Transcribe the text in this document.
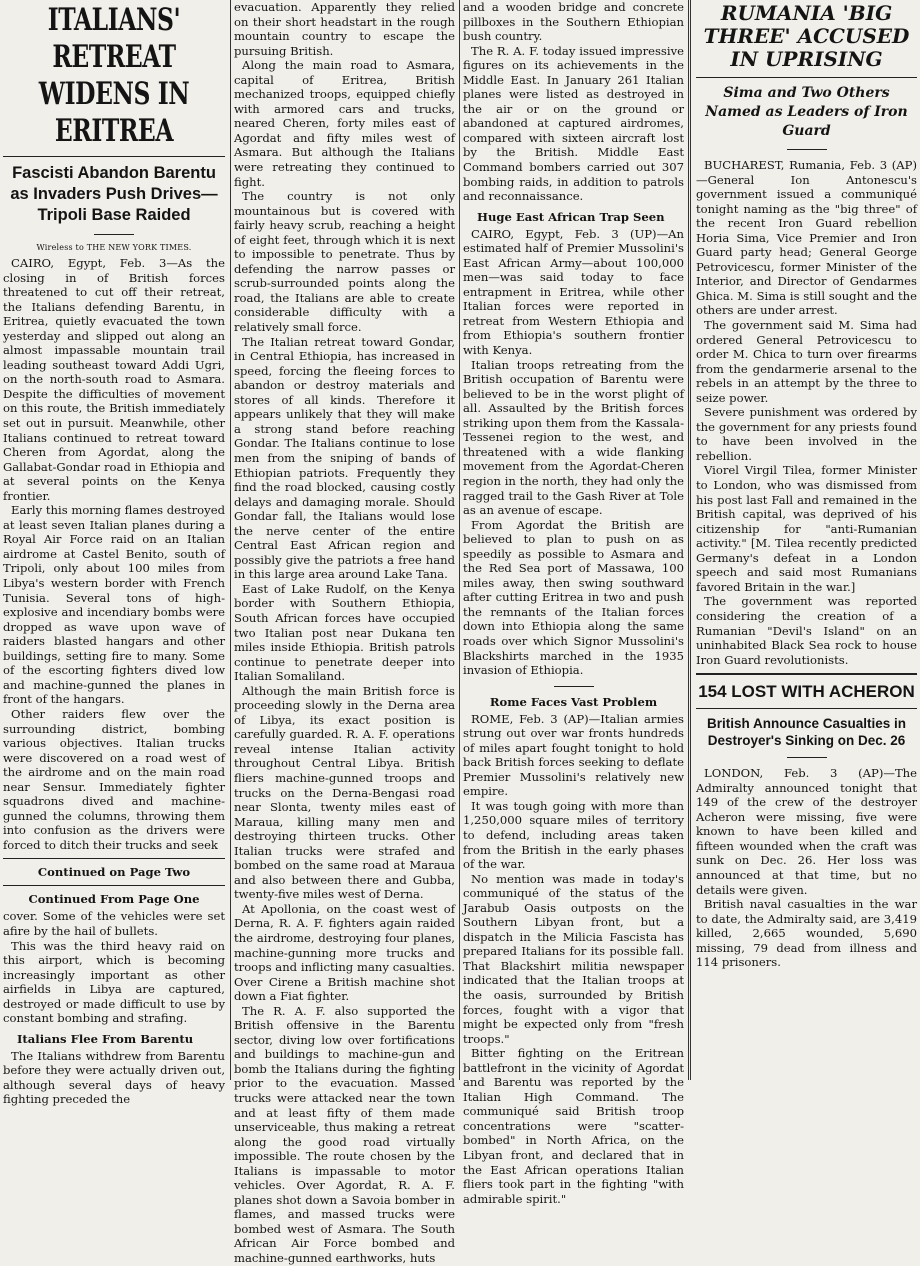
ITALIANS' RETREAT WIDENS IN ERITREA
Fascisti Abandon Barentu as Invaders Push Drives— Tripoli Base Raided
Wireless to THE NEW YORK TIMES.

CAIRO, Egypt, Feb. 3—As the closing in of British forces threatened to cut off their retreat, the Italians defending Barentu, in Eritrea, quietly evacuated the town yesterday and slipped out along an almost impassable mountain trail leading southeast toward Addi Ugri, on the north-south road to Asmara. Despite the difficulties of movement on this route, the British immediately set out in pursuit. Meanwhile, other Italians continued to retreat toward Cheren from Agordat, along the Gallabat-Gondar road in Ethiopia and at several points on the Kenya frontier.

Early this morning flames destroyed at least seven Italian planes during a Royal Air Force raid on an Italian airdrome at Castel Benito, south of Tripoli, only about 100 miles from Libya's western border with French Tunisia. Several tons of high-explosive and incendiary bombs were dropped as wave upon wave of raiders blasted hangars and other buildings, setting fire to many. Some of the escorting fighters dived low and machine-gunned the planes in front of the hangars.

Other raiders flew over the surrounding district, bombing various objectives. Italian trucks were discovered on a road west of the airdrome and on the main road near Sensur. Immediately fighter squadrons dived and machine-gunned the columns, throwing them into confusion as the drivers were forced to ditch their trucks and seek

Continued on Page Two
Continued From Page One

cover. Some of the vehicles were set afire by the hail of bullets.

This was the third heavy raid on this airport, which is becoming increasingly important as other airfields in Libya are captured, destroyed or made difficult to use by constant bombing and strafing.

Italians Flee From Barentu

The Italians withdrew from Barentu before they were actually driven out, although several days of heavy fighting preceded the

evacuation. Apparently they relied on their short headstart in the rough mountain country to escape the pursuing British.

Along the main road to Asmara, capital of Eritrea, British mechanized troops, equipped chiefly with armored cars and trucks, neared Cheren, forty miles east of Agordat and fifty miles west of Asmara. But although the Italians were retreating they continued to fight.

The country is not only mountainous but is covered with fairly heavy scrub, reaching a height of eight feet, through which it is next to impossible to penetrate. Thus by defending the narrow passes or scrub-surrounded points along the road, the Italians are able to create considerable difficulty with a relatively small force.

The Italian retreat toward Gondar, in Central Ethiopia, has increased in speed, forcing the fleeing forces to abandon or destroy materials and stores of all kinds. Therefore it appears unlikely that they will make a strong stand before reaching Gondar. The Italians continue to lose men from the sniping of bands of Ethiopian patriots. Frequently they find the road blocked, causing costly delays and damaging morale. Should Gondar fall, the Italians would lose the nerve center of the entire Central East African region and possibly give the patriots a free hand in this large area around Lake Tana.

East of Lake Rudolf, on the Kenya border with Southern Ethiopia, South African forces have occupied two Italian post near Dukana ten miles inside Ethiopia. British patrols continue to penetrate deeper into Italian Somaliland.

Although the main British force is proceeding slowly in the Derna area of Libya, its exact position is carefully guarded. R. A. F. operations reveal intense Italian activity throughout Central Libya. British fliers machine-gunned troops and trucks on the Derna-Bengasi road near Slonta, twenty miles east of Maraua, killing many men and destroying thirteen trucks. Other Italian trucks were strafed and bombed on the same road at Maraua and also between there and Gubba, twenty-five miles west of Derna.

At Apollonia, on the coast west of Derna, R. A. F. fighters again raided the airdrome, destroying four planes, machine-gunning more trucks and troops and inflicting many casualties. Over Cirene a British machine shot down a Fiat fighter.

The R. A. F. also supported the British offensive in the Barentu sector, diving low over fortifications and buildings to machine-gun and bomb the Italians during the fighting prior to the evacuation. Massed trucks were attacked near the town and at least fifty of them made unserviceable, thus making a retreat along the good road virtually impossible. The route chosen by the Italians is impassable to motor vehicles. Over Agordat, R. A. F. planes shot down a Savoia bomber in flames, and massed trucks were bombed west of Asmara. The South African Air Force bombed and machine-gunned earthworks, huts

and a wooden bridge and concrete pillboxes in the Southern Ethiopian bush country.

The R. A. F. today issued impressive figures on its achievements in the Middle East. In January 261 Italian planes were listed as destroyed in the air or on the ground or abandoned at captured airdromes, compared with sixteen aircraft lost by the British. Middle East Command bombers carried out 307 bombing raids, in addition to patrols and reconnaissance.

Huge East African Trap Seen

CAIRO, Egypt, Feb. 3 (UP)—An estimated half of Premier Mussolini's East African Army—about 100,000 men—was said today to face entrapment in Eritrea, while other Italian forces were reported in retreat from Western Ethiopia and from Ethiopia's southern frontier with Kenya.

Italian troops retreating from the British occupation of Barentu were believed to be in the worst plight of all. Assaulted by the British forces striking upon them from the Kassala-Tessenei region to the west, and threatened with a wide flanking movement from the Agordat-Cheren region in the north, they had only the ragged trail to the Gash River at Tole as an avenue of escape.

From Agordat the British are believed to plan to push on as speedily as possible to Asmara and the Red Sea port of Massawa, 100 miles away, then swing southward after cutting Eritrea in two and push the remnants of the Italian forces down into Ethiopia along the same roads over which Signor Mussolini's Blackshirts marched in the 1935 invasion of Ethiopia.

Rome Faces Vast Problem

ROME, Feb. 3 (AP)—Italian armies strung out over war fronts hundreds of miles apart fought tonight to hold back British forces seeking to deflate Premier Mussolini's relatively new empire.

It was tough going with more than 1,250,000 square miles of territory to defend, including areas taken from the British in the early phases of the war.

No mention was made in today's communiqué of the status of the Jarabub Oasis outposts on the Southern Libyan front, but a dispatch in the Milicia Fascista has prepared Italians for its possible fall. That Blackshirt militia newspaper indicated that the Italian troops at the oasis, surrounded by British forces, fought with a vigor that might be expected only from "fresh troops."

Bitter fighting on the Eritrean battlefront in the vicinity of Agordat and Barentu was reported by the Italian High Command. The communiqué said British troop concentrations were "scatter-bombed" in North Africa, on the Libyan front, and declared that in the East African operations Italian fliers took part in the fighting "with admirable spirit."

RUMANIA 'BIG THREE' ACCUSED IN UPRISING
Sima and Two Others Named as Leaders of Iron Guard

BUCHAREST, Rumania, Feb. 3 (AP)—General Ion Antonescu's government issued a communiqué tonight naming as the "big three" of the recent Iron Guard rebellion Horia Sima, Vice Premier and Iron Guard party head; General George Petrovicescu, former Minister of the Interior, and Director of Gendarmes Ghica. M. Sima is still sought and the others are under arrest.

The government said M. Sima had ordered General Petrovicescu to order M. Chica to turn over firearms from the gendarmerie arsenal to the rebels in an attempt by the three to seize power.

Severe punishment was ordered by the government for any priests found to have been involved in the rebellion.

Viorel Virgil Tilea, former Minister to London, who was dismissed from his post last Fall and remained in the British capital, was deprived of his citizenship for "anti-Rumanian activity." [M. Tilea recently predicted Germany's defeat in a London speech and said most Rumanians favored Britain in the war.]

The government was reported considering the creation of a Rumanian "Devil's Island" on an uninhabited Black Sea rock to house Iron Guard revolutionists.

154 LOST WITH ACHERON
British Announce Casualties in Destroyer's Sinking on Dec. 26

LONDON, Feb. 3 (AP)—The Admiralty announced tonight that 149 of the crew of the destroyer Acheron were missing, five were known to have been killed and fifteen wounded when the craft was sunk on Dec. 26. Her loss was announced at that time, but no details were given.

British naval casualties in the war to date, the Admiralty said, are 3,419 killed, 2,665 wounded, 5,690 missing, 79 dead from illness and 114 prisoners.
